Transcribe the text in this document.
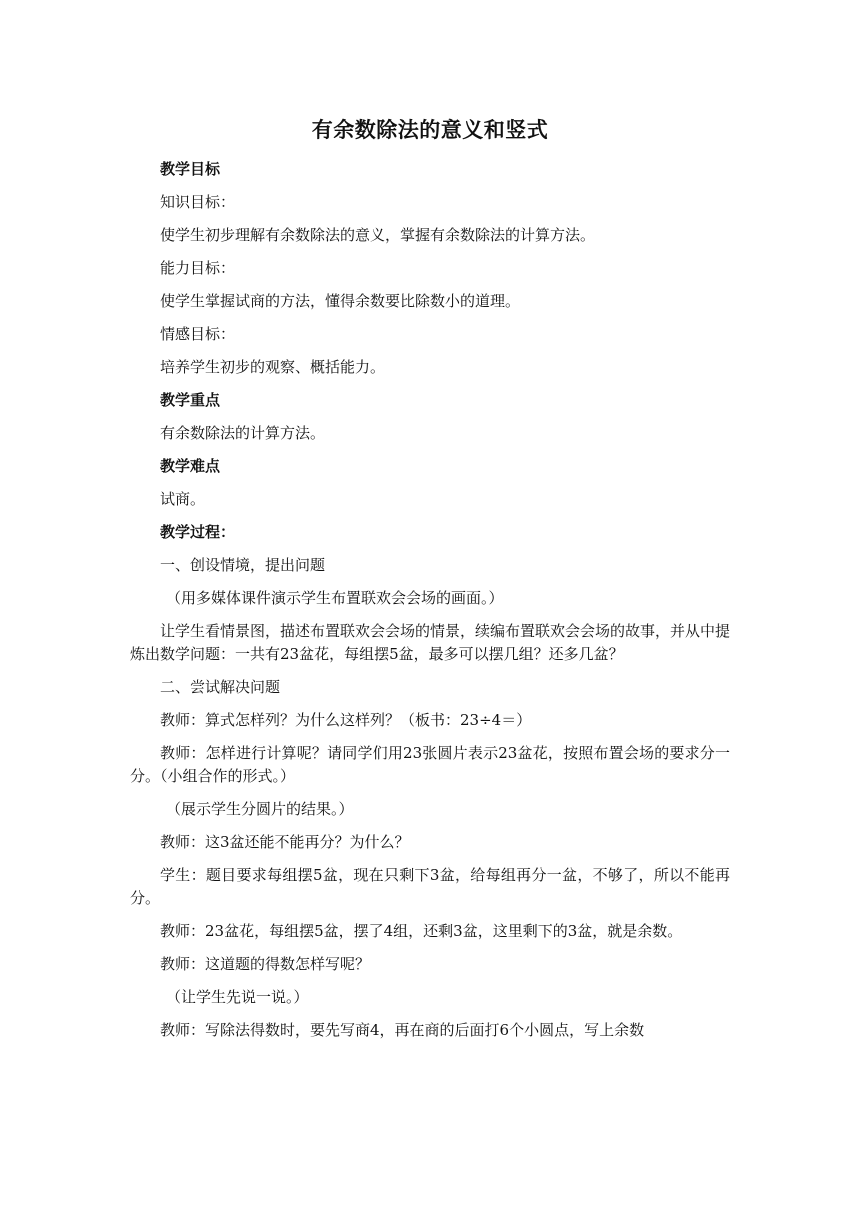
有余数除法的意义和竖式

教学目标

知识目标：

使学生初步理解有余数除法的意义，掌握有余数除法的计算方法。

能力目标：

使学生掌握试商的方法，懂得余数要比除数小的道理。

情感目标：

培养学生初步的观察、概括能力。

教学重点

有余数除法的计算方法。

教学难点

试商。

教学过程：

一、创设情境，提出问题

（用多媒体课件演示学生布置联欢会会场的画面。）

让学生看情景图，描述布置联欢会会场的情景，续编布置联欢会会场的故事，并从中提炼出数学问题：一共有23盆花，每组摆5盆，最多可以摆几组？还多几盆？

二、尝试解决问题

教师：算式怎样列？为什么这样列？（板书：23÷4＝）

教师：怎样进行计算呢？请同学们用23张圆片表示23盆花，按照布置会场的要求分一分。（小组合作的形式。）

（展示学生分圆片的结果。）

教师：这3盆还能不能再分？为什么？

学生：题目要求每组摆5盆，现在只剩下3盆，给每组再分一盆，不够了，所以不能再分。

教师：23盆花，每组摆5盆，摆了4组，还剩3盆，这里剩下的3盆，就是余数。

教师：这道题的得数怎样写呢？

（让学生先说一说。）

教师：写除法得数时，要先写商4，再在商的后面打6个小圆点，写上余数
